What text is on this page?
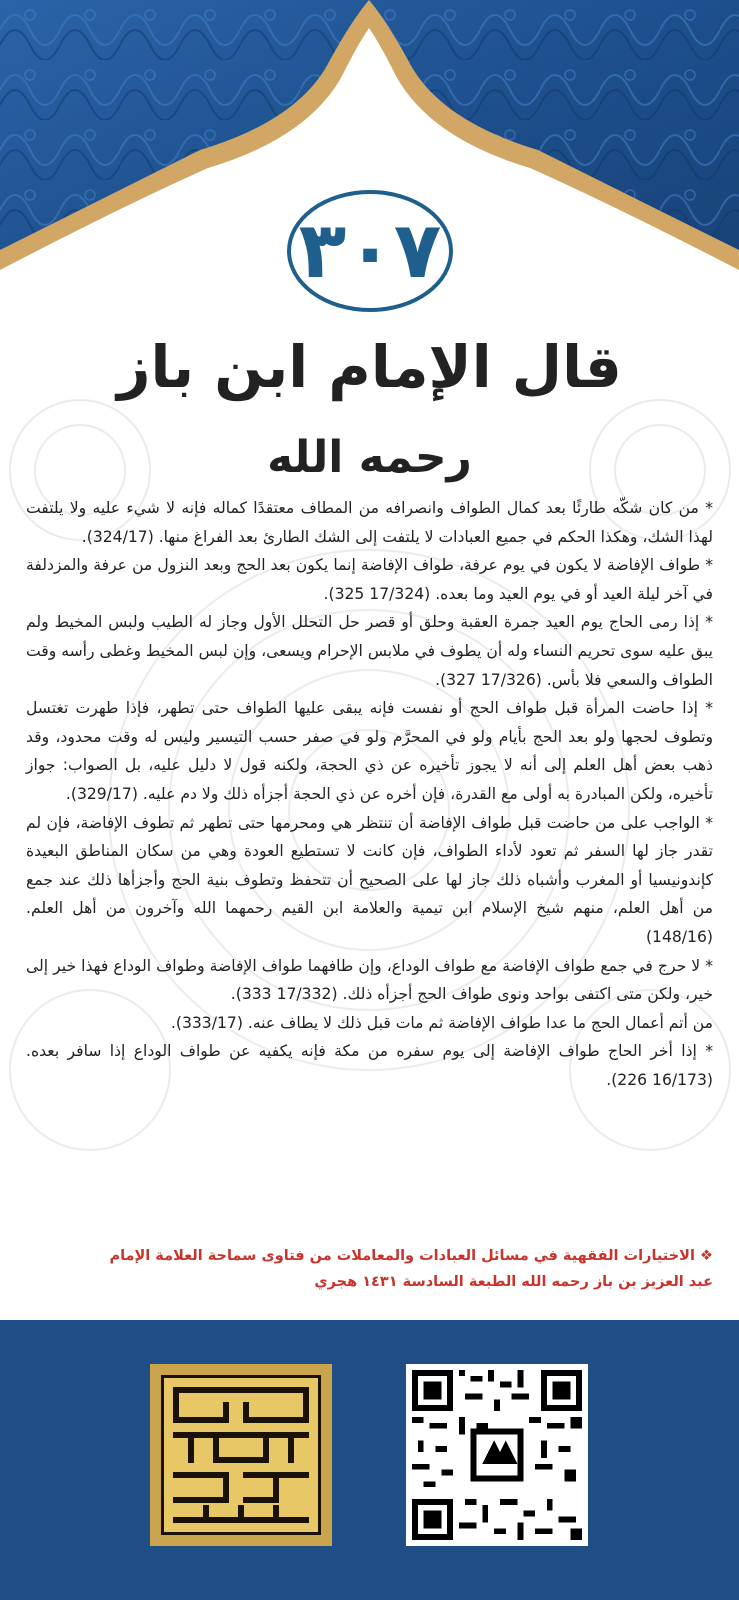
٣٠٧
قال الإمام ابن باز
رحمه الله

* من كان شكّه طارئًا بعد كمال الطواف وانصرافه من المطاف معتقدًا كماله فإنه لا شيء عليه ولا يلتفت لهذا الشك، وهكذا الحكم في جميع العبادات لا يلتفت إلى الشك الطارئ بعد الفراغ منها. (324/17).

* طواف الإفاضة لا يكون في يوم عرفة، طواف الإفاضة إنما يكون بعد الحج وبعد النزول من عرفة والمزدلفة في آخر ليلة العيد أو في يوم العيد وما بعده. (17/324 325).

* إذا رمى الحاج يوم العيد جمرة العقبة وحلق أو قصر حل التحلل الأول وجاز له الطيب ولبس المخيط ولم يبق عليه سوى تحريم النساء وله أن يطوف في ملابس الإحرام ويسعى، وإن لبس المخيط وغطى رأسه وقت الطواف والسعي فلا بأس. (17/326 327).

* إذا حاضت المرأة قبل طواف الحج أو نفست فإنه يبقى عليها الطواف حتى تطهر، فإذا طهرت تغتسل وتطوف لحجها ولو بعد الحج بأيام ولو في المحرَّم ولو في صفر حسب التيسير وليس له وقت محدود، وقد ذهب بعض أهل العلم إلى أنه لا يجوز تأخيره عن ذي الحجة، ولكنه قول لا دليل عليه، بل الصواب: جواز تأخيره، ولكن المبادرة به أولى مع القدرة، فإن أخره عن ذي الحجة أجزأه ذلك ولا دم عليه. (329/17).

* الواجب على من حاضت قبل طواف الإفاضة أن تنتظر هي ومحرمها حتى تطهر ثم تطوف الإفاضة، فإن لم تقدر جاز لها السفر ثم تعود لأداء الطواف، فإن كانت لا تستطيع العودة وهي من سكان المناطق البعيدة كإندونيسيا أو المغرب وأشباه ذلك جاز لها على الصحيح أن تتحفظ وتطوف بنية الحج وأجزأها ذلك عند جمع من أهل العلم، منهم شيخ الإسلام ابن تيمية والعلامة ابن القيم رحمهما الله وآخرون من أهل العلم. (148/16)

* لا حرج في جمع طواف الإفاضة مع طواف الوداع، وإن طافهما طواف الإفاضة وطواف الوداع فهذا خير إلى خير، ولكن متى اكتفى بواحد ونوى طواف الحج أجزأه ذلك. (17/332 333).

من أتم أعمال الحج ما عدا طواف الإفاضة ثم مات قبل ذلك لا يطاف عنه. (333/17).

* إذا أخر الحاج طواف الإفاضة إلى يوم سفره من مكة فإنه يكفيه عن طواف الوداع إذا سافر بعده. (16/173 226).

❖ الاختيارات الفقهية في مسائل العبادات والمعاملات من فتاوى سماحة العلامة الإمام
عبد العزيز بن باز رحمه الله الطبعة السادسة ١٤٣١ هجري
